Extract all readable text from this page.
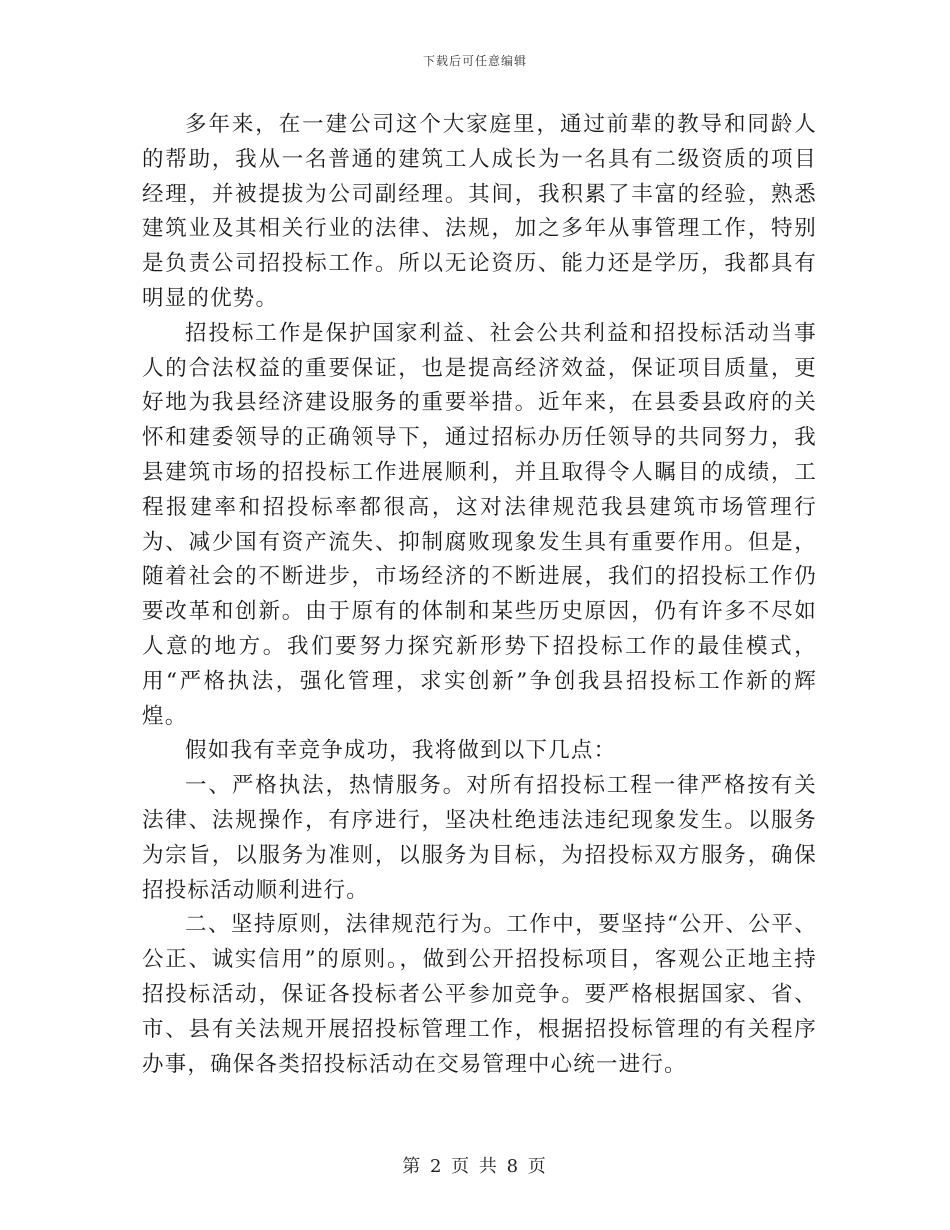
下载后可任意编辑

多年来，在一建公司这个大家庭里，通过前辈的教导和同龄人的帮助，我从一名普通的建筑工人成长为一名具有二级资质的项目经理，并被提拔为公司副经理。其间，我积累了丰富的经验，熟悉建筑业及其相关行业的法律、法规，加之多年从事管理工作，特别是负责公司招投标工作。所以无论资历、能力还是学历，我都具有明显的优势。

招投标工作是保护国家利益、社会公共利益和招投标活动当事人的合法权益的重要保证，也是提高经济效益，保证项目质量，更好地为我县经济建设服务的重要举措。近年来，在县委县政府的关怀和建委领导的正确领导下，通过招标办历任领导的共同努力，我县建筑市场的招投标工作进展顺利，并且取得令人瞩目的成绩，工程报建率和招投标率都很高，这对法律规范我县建筑市场管理行为、减少国有资产流失、抑制腐败现象发生具有重要作用。但是，随着社会的不断进步，市场经济的不断进展，我们的招投标工作仍要改革和创新。由于原有的体制和某些历史原因，仍有许多不尽如人意的地方。我们要努力探究新形势下招投标工作的最佳模式，用“严格执法，强化管理，求实创新”争创我县招投标工作新的辉煌。

假如我有幸竞争成功，我将做到以下几点：

一、严格执法，热情服务。对所有招投标工程一律严格按有关法律、法规操作，有序进行，坚决杜绝违法违纪现象发生。以服务为宗旨，以服务为准则，以服务为目标，为招投标双方服务，确保招投标活动顺利进行。

二、坚持原则，法律规范行为。工作中，要坚持“公开、公平、公正、诚实信用”的原则。，做到公开招投标项目，客观公正地主持招投标活动，保证各投标者公平参加竞争。要严格根据国家、省、市、县有关法规开展招投标管理工作，根据招投标管理的有关程序办事，确保各类招投标活动在交易管理中心统一进行。

第 2 页 共 8 页
